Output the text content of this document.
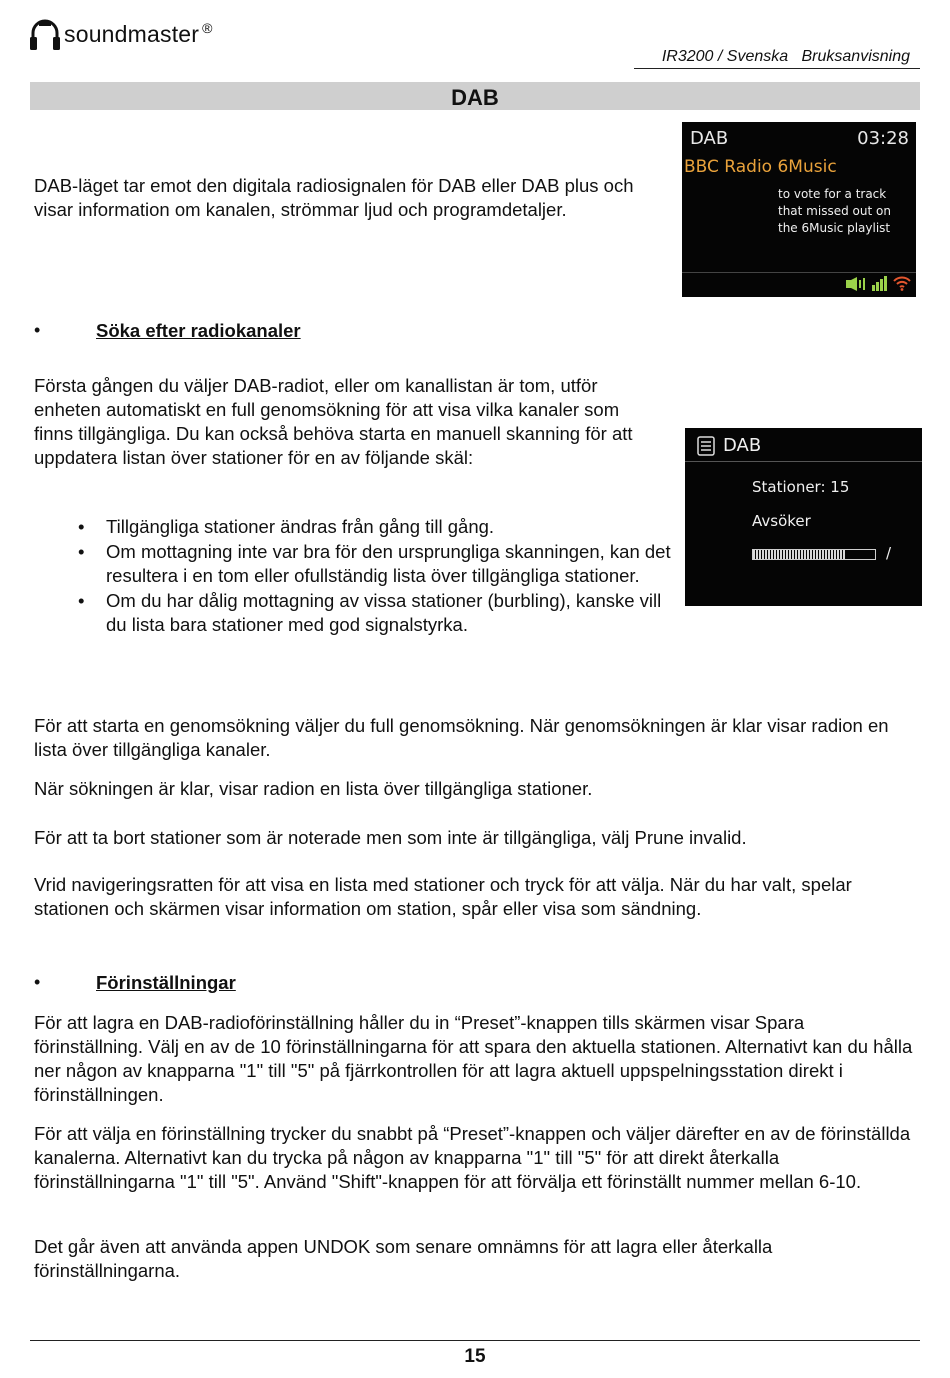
soundmaster ®
IR3200 / Svenska   Bruksanvisning
DAB

DAB-läget tar emot den digitala radiosignalen för DAB eller DAB plus och visar information om kanalen, strömmar ljud och programdetaljer.

DAB	03:28
BBC Radio 6Music
to vote for a track
that missed out on
the 6Music playlist
•	Söka efter radiokanaler

Första gången du väljer DAB-radiot, eller om kanallistan är tom, utför enheten automatiskt en full genomsökning för att visa vilka kanaler som finns tillgängliga. Du kan också behöva starta en manuell skanning för att uppdatera listan över stationer för en av följande skäl:

• Tillgängliga stationer ändras från gång till gång.
• Om mottagning inte var bra för den ursprungliga skanningen, kan det resultera i en tom eller ofullständig lista över tillgängliga stationer.
• Om du har dålig mottagning av vissa stationer (burbling), kanske vill du lista bara stationer med god signalstyrka.
DAB
Stationer: 15
Avsöker
/

För att starta en genomsökning väljer du full genomsökning. När genomsökningen är klar visar radion en lista över tillgängliga kanaler.

När sökningen är klar, visar radion en lista över tillgängliga stationer.

För att ta bort stationer som är noterade men som inte är tillgängliga, välj Prune invalid.

Vrid navigeringsratten för att visa en lista med stationer och tryck för att välja. När du har valt, spelar stationen och skärmen visar information om station, spår eller visa som sändning.

•	Förinställningar

För att lagra en DAB-radioförinställning håller du in “Preset”-knappen tills skärmen visar Spara förinställning. Välj en av de 10 förinställningarna för att spara den aktuella stationen. Alternativt kan du hålla ner någon av knapparna "1" till "5" på fjärrkontrollen för att lagra aktuell uppspelningsstation direkt i förinställningen.

För att välja en förinställning trycker du snabbt på “Preset”-knappen och väljer därefter en av de förinställda kanalerna. Alternativt kan du trycka på någon av knapparna "1" till "5" för att direkt återkalla förinställningarna "1" till "5". Använd "Shift"-knappen för att förvälja ett förinställt nummer mellan 6-10.

Det går även att använda appen UNDOK som senare omnämns för att lagra eller återkalla förinställningarna.

15
